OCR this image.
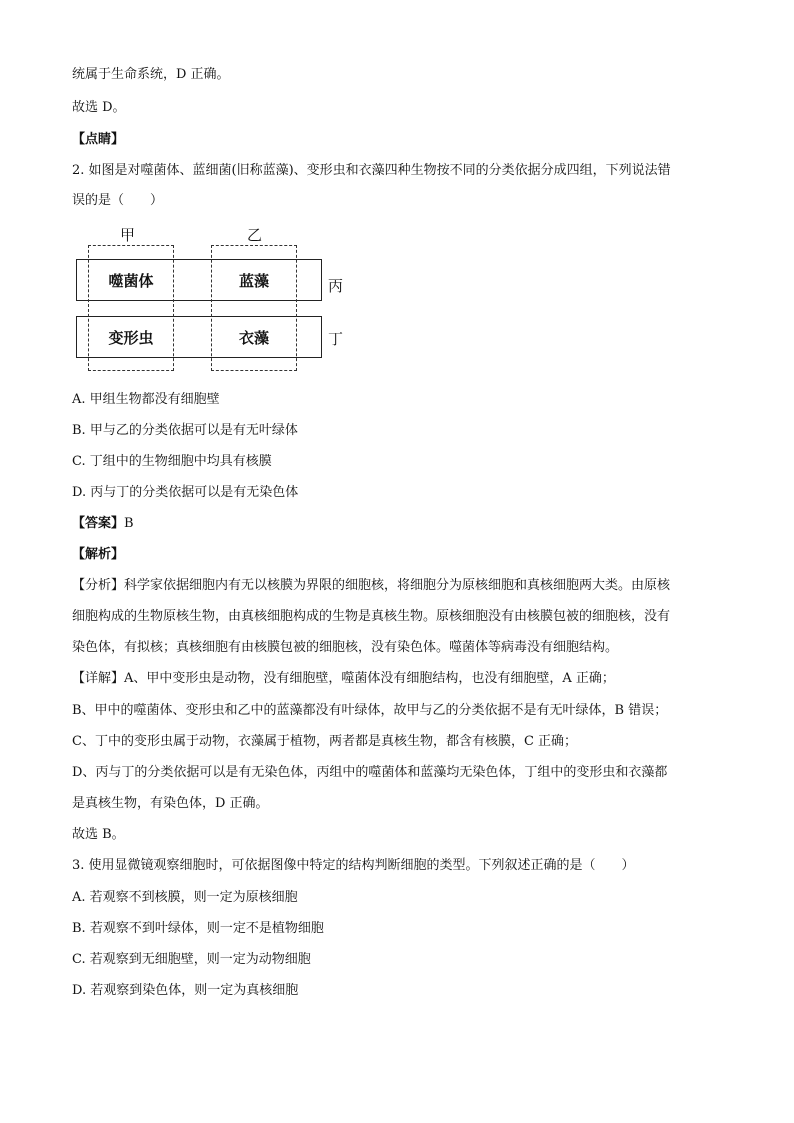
统属于生命系统，D 正确。
故选 D。
【点睛】
2. 如图是对噬菌体、蓝细菌(旧称蓝藻)、变形虫和衣藻四种生物按不同的分类依据分成四组，下列说法错
误的是（　　）
甲	乙
噬菌体	蓝藻
变形虫	衣藻
丙
丁
A. 甲组生物都没有细胞壁
B. 甲与乙的分类依据可以是有无叶绿体
C. 丁组中的生物细胞中均具有核膜
D. 丙与丁的分类依据可以是有无染色体
【答案】B
【解析】
【分析】科学家依据细胞内有无以核膜为界限的细胞核，将细胞分为原核细胞和真核细胞两大类。由原核
细胞构成的生物原核生物，由真核细胞构成的生物是真核生物。原核细胞没有由核膜包被的细胞核，没有
染色体，有拟核；真核细胞有由核膜包被的细胞核，没有染色体。噬菌体等病毒没有细胞结构。
【详解】A、甲中变形虫是动物，没有细胞壁，噬菌体没有细胞结构，也没有细胞壁，A 正确；
B、甲中的噬菌体、变形虫和乙中的蓝藻都没有叶绿体，故甲与乙的分类依据不是有无叶绿体，B 错误；
C、丁中的变形虫属于动物，衣藻属于植物，两者都是真核生物，都含有核膜，C 正确；
D、丙与丁的分类依据可以是有无染色体，丙组中的噬菌体和蓝藻均无染色体，丁组中的变形虫和衣藻都
是真核生物，有染色体，D 正确。
故选 B。
3. 使用显微镜观察细胞时，可依据图像中特定的结构判断细胞的类型。下列叙述正确的是（　　）
A. 若观察不到核膜，则一定为原核细胞
B. 若观察不到叶绿体，则一定不是植物细胞
C. 若观察到无细胞壁，则一定为动物细胞
D. 若观察到染色体，则一定为真核细胞
